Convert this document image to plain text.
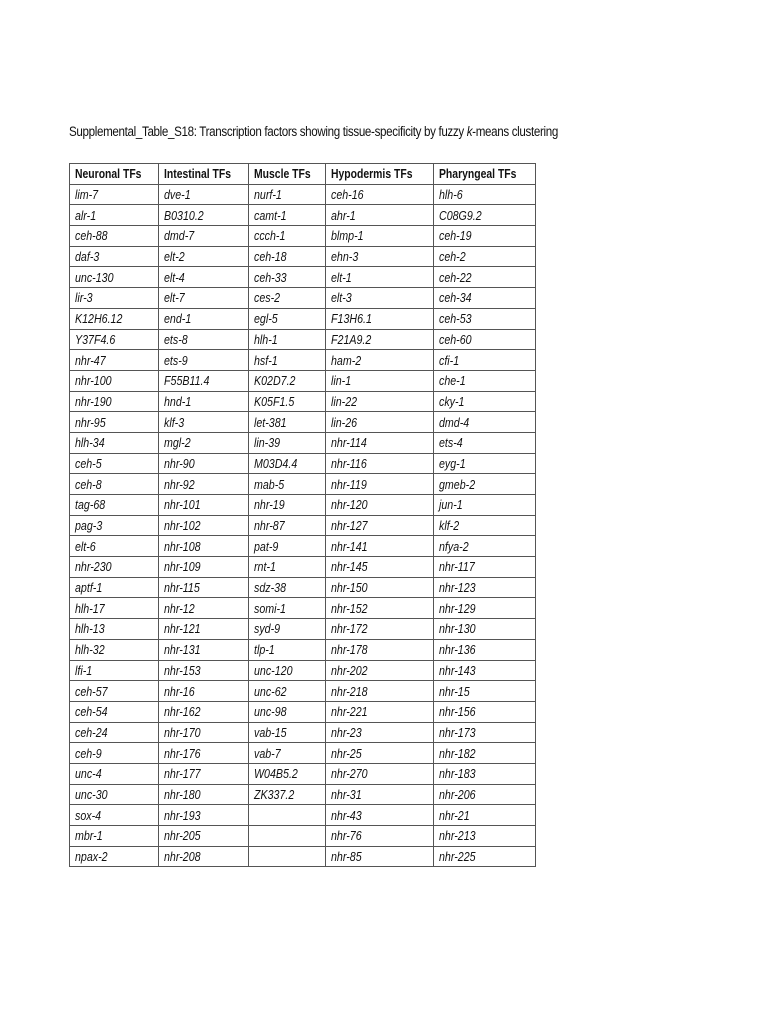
Supplemental_Table_S18: Transcription factors showing tissue-specificity by fuzzy k-means clustering
Neuronal TFs	Intestinal TFs	Muscle TFs	Hypodermis TFs	Pharyngeal TFs
lim-7	dve-1	nurf-1	ceh-16	hlh-6
alr-1	B0310.2	camt-1	ahr-1	C08G9.2
ceh-88	dmd-7	ccch-1	blmp-1	ceh-19
daf-3	elt-2	ceh-18	ehn-3	ceh-2
unc-130	elt-4	ceh-33	elt-1	ceh-22
lir-3	elt-7	ces-2	elt-3	ceh-34
K12H6.12	end-1	egl-5	F13H6.1	ceh-53
Y37F4.6	ets-8	hlh-1	F21A9.2	ceh-60
nhr-47	ets-9	hsf-1	ham-2	cfi-1
nhr-100	F55B11.4	K02D7.2	lin-1	che-1
nhr-190	hnd-1	K05F1.5	lin-22	cky-1
nhr-95	klf-3	let-381	lin-26	dmd-4
hlh-34	mgl-2	lin-39	nhr-114	ets-4
ceh-5	nhr-90	M03D4.4	nhr-116	eyg-1
ceh-8	nhr-92	mab-5	nhr-119	gmeb-2
tag-68	nhr-101	nhr-19	nhr-120	jun-1
pag-3	nhr-102	nhr-87	nhr-127	klf-2
elt-6	nhr-108	pat-9	nhr-141	nfya-2
nhr-230	nhr-109	rnt-1	nhr-145	nhr-117
aptf-1	nhr-115	sdz-38	nhr-150	nhr-123
hlh-17	nhr-12	somi-1	nhr-152	nhr-129
hlh-13	nhr-121	syd-9	nhr-172	nhr-130
hlh-32	nhr-131	tlp-1	nhr-178	nhr-136
lfi-1	nhr-153	unc-120	nhr-202	nhr-143
ceh-57	nhr-16	unc-62	nhr-218	nhr-15
ceh-54	nhr-162	unc-98	nhr-221	nhr-156
ceh-24	nhr-170	vab-15	nhr-23	nhr-173
ceh-9	nhr-176	vab-7	nhr-25	nhr-182
unc-4	nhr-177	W04B5.2	nhr-270	nhr-183
unc-30	nhr-180	ZK337.2	nhr-31	nhr-206
sox-4	nhr-193		nhr-43	nhr-21
mbr-1	nhr-205		nhr-76	nhr-213
npax-2	nhr-208		nhr-85	nhr-225
